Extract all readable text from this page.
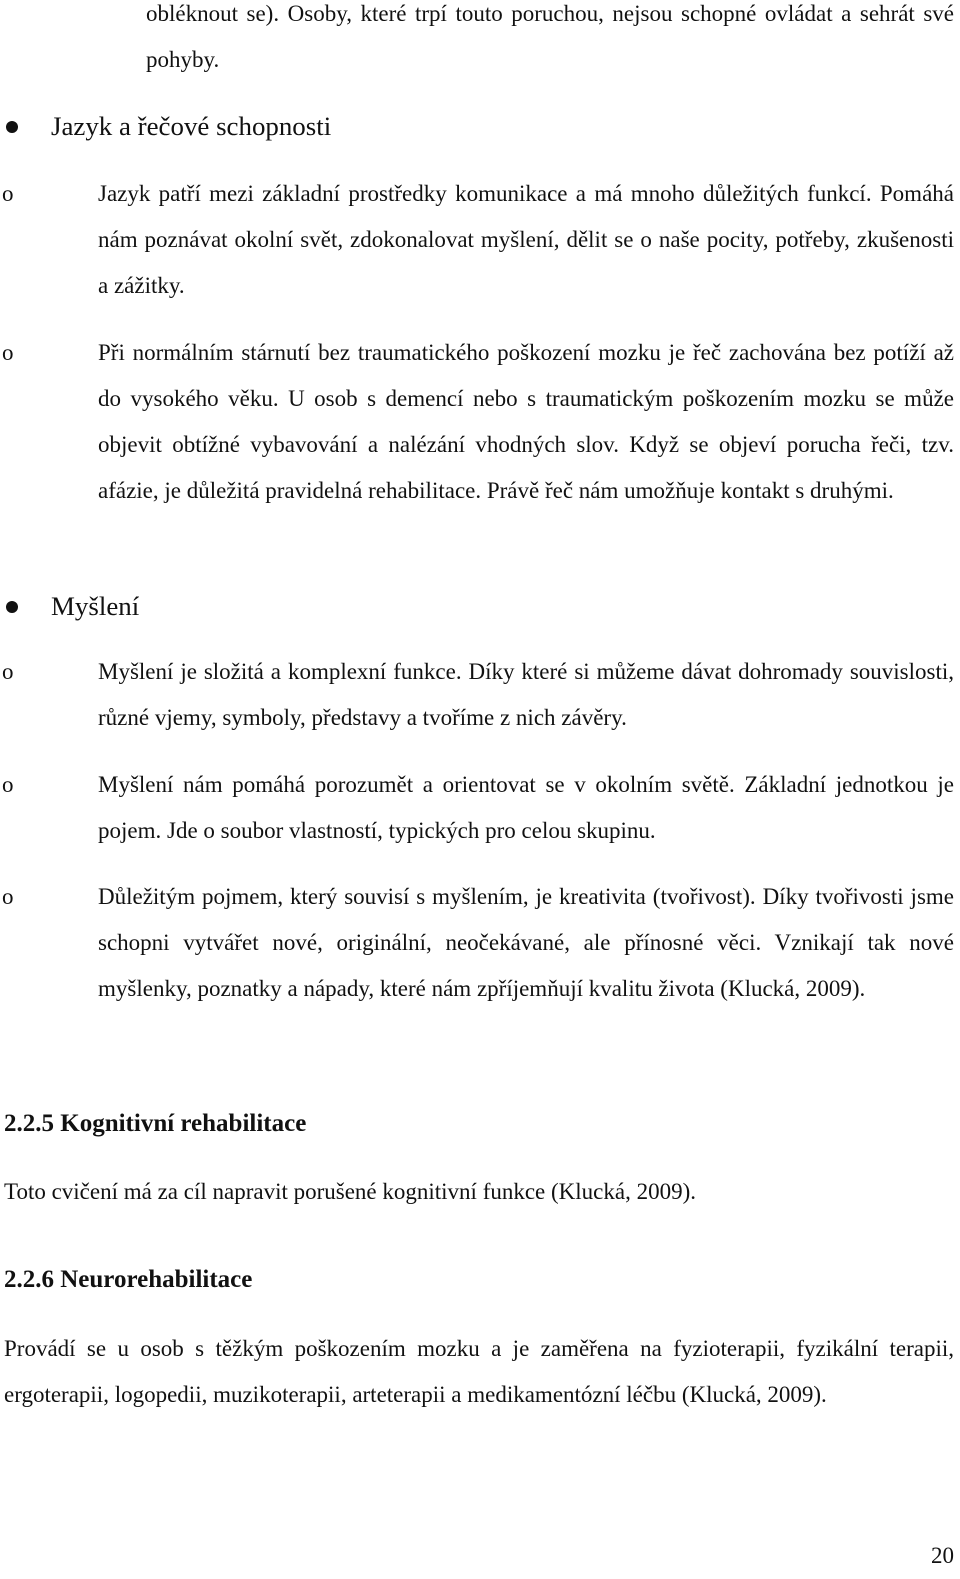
obléknout se). Osoby, které trpí touto poruchou, nejsou schopné ovládat a sehrát své pohyby.

Jazyk a řečové schopnosti
o	Jazyk patří mezi základní prostředky komunikace a má mnoho důležitých funkcí. Pomáhá nám poznávat okolní svět, zdokonalovat myšlení, dělit se o naše pocity, potřeby, zkušenosti a zážitky.

o	Při normálním stárnutí bez traumatického poškození mozku je řeč zachována bez potíží až do vysokého věku. U osob s demencí nebo s traumatickým poškozením mozku se může objevit obtížné vybavování a nalézání vhodných slov. Když se objeví porucha řeči, tzv. afázie, je důležitá pravidelná rehabilitace. Právě řeč nám umožňuje kontakt s druhými.

Myšlení
o	Myšlení je složitá a komplexní funkce. Díky které si můžeme dávat dohromady souvislosti, různé vjemy, symboly, představy a tvoříme z nich závěry.

o	Myšlení nám pomáhá porozumět a orientovat se v okolním světě. Základní jednotkou je pojem. Jde o soubor vlastností, typických pro celou skupinu.

o	Důležitým pojmem, který souvisí s myšlením, je kreativita (tvořivost). Díky tvořivosti jsme schopni vytvářet nové, originální, neočekávané, ale přínosné věci. Vznikají tak nové myšlenky, poznatky a nápady, které nám zpříjemňují kvalitu života (Klucká, 2009).

2.2.5 Kognitivní rehabilitace

Toto cvičení má za cíl napravit porušené kognitivní funkce (Klucká, 2009).

2.2.6 Neurorehabilitace

Provádí se u osob s těžkým poškozením mozku a je zaměřena na fyzioterapii, fyzikální terapii, ergoterapii, logopedii, muzikoterapii, arteterapii a medikamentózní léčbu (Klucká, 2009).

20
